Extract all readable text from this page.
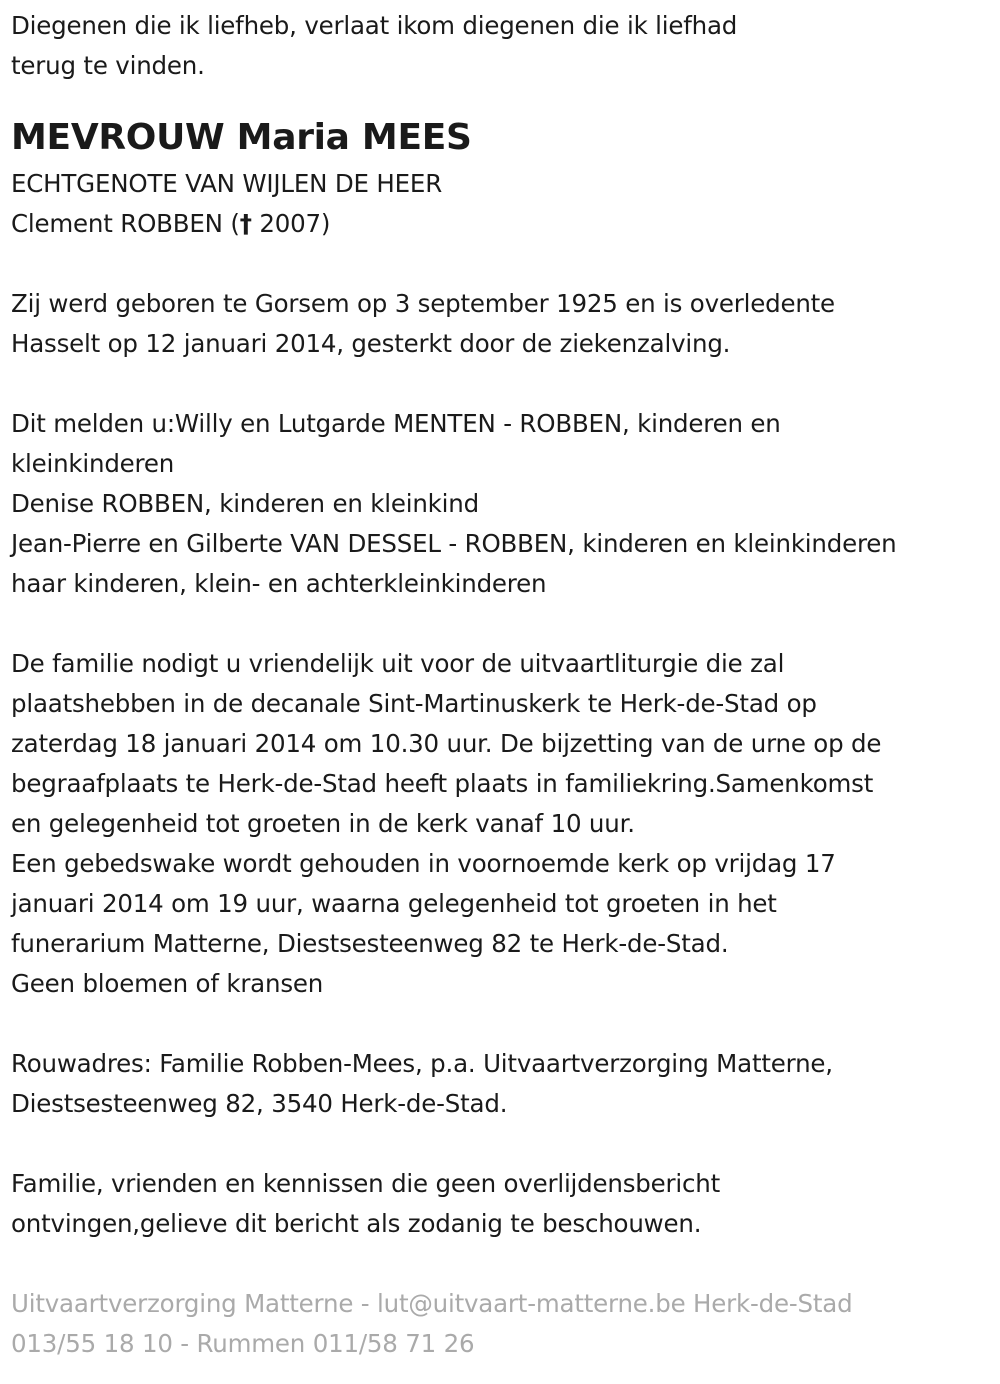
Diegenen die ik liefheb, verlaat ikom diegenen die ik liefhad
terug te vinden.
MEVROUW Maria MEES
ECHTGENOTE VAN WIJLEN DE HEER
Clement ROBBEN († 2007)
Zij werd geboren te Gorsem op 3 september 1925 en is overledente
Hasselt op 12 januari 2014, gesterkt door de ziekenzalving.
Dit melden u:Willy en Lutgarde MENTEN - ROBBEN, kinderen en
kleinkinderen
Denise ROBBEN, kinderen en kleinkind
Jean-Pierre en Gilberte VAN DESSEL - ROBBEN, kinderen en kleinkinderen
haar kinderen, klein- en achterkleinkinderen
De familie nodigt u vriendelijk uit voor de uitvaartliturgie die zal
plaatshebben in de decanale Sint-Martinuskerk te Herk-de-Stad op
zaterdag 18 januari 2014 om 10.30 uur. De bijzetting van de urne op de
begraafplaats te Herk-de-Stad heeft plaats in familiekring.Samenkomst
en gelegenheid tot groeten in de kerk vanaf 10 uur.
Een gebedswake wordt gehouden in voornoemde kerk op vrijdag 17
januari 2014 om 19 uur, waarna gelegenheid tot groeten in het
funerarium Matterne, Diestsesteenweg 82 te Herk-de-Stad.
Geen bloemen of kransen
Rouwadres: Familie Robben-Mees, p.a. Uitvaartverzorging Matterne,
Diestsesteenweg 82, 3540 Herk-de-Stad.
Familie, vrienden en kennissen die geen overlijdensbericht
ontvingen,gelieve dit bericht als zodanig te beschouwen.
Uitvaartverzorging Matterne - lut@uitvaart-matterne.be Herk-de-Stad
013/55 18 10 - Rummen 011/58 71 26
